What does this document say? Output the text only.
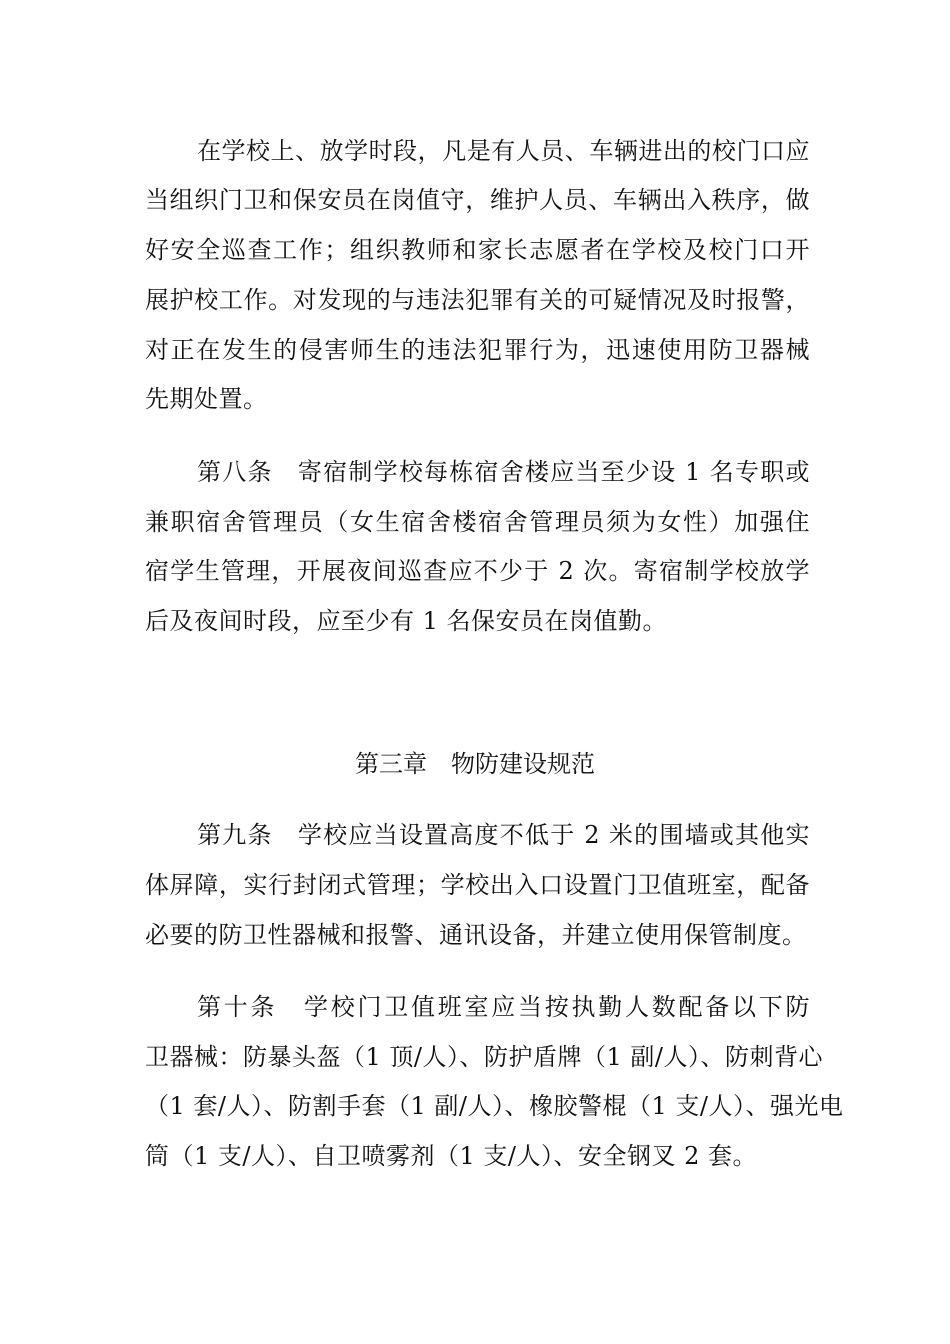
在学校上、放学时段，凡是有人员、车辆进出的校门口应
当组织门卫和保安员在岗值守，维护人员、车辆出入秩序，做
好安全巡查工作；组织教师和家长志愿者在学校及校门口开
展护校工作。对发现的与违法犯罪有关的可疑情况及时报警，
对正在发生的侵害师生的违法犯罪行为，迅速使用防卫器械
先期处置。
第八条　寄宿制学校每栋宿舍楼应当至少设 1 名专职或
兼职宿舍管理员（女生宿舍楼宿舍管理员须为女性）加强住
宿学生管理，开展夜间巡查应不少于 2 次。寄宿制学校放学
后及夜间时段，应至少有 1 名保安员在岗值勤。
第三章　物防建设规范
第九条　学校应当设置高度不低于 2 米的围墙或其他实
体屏障，实行封闭式管理；学校出入口设置门卫值班室，配备
必要的防卫性器械和报警、通讯设备，并建立使用保管制度。
第十条　学校门卫值班室应当按执勤人数配备以下防
卫器械：防暴头盔（1 顶/人）、防护盾牌（1 副/人）、防刺背心
（1 套/人）、防割手套（1 副/人）、橡胶警棍（1 支/人）、强光电
筒（1 支/人）、自卫喷雾剂（1 支/人）、安全钢叉 2 套。
